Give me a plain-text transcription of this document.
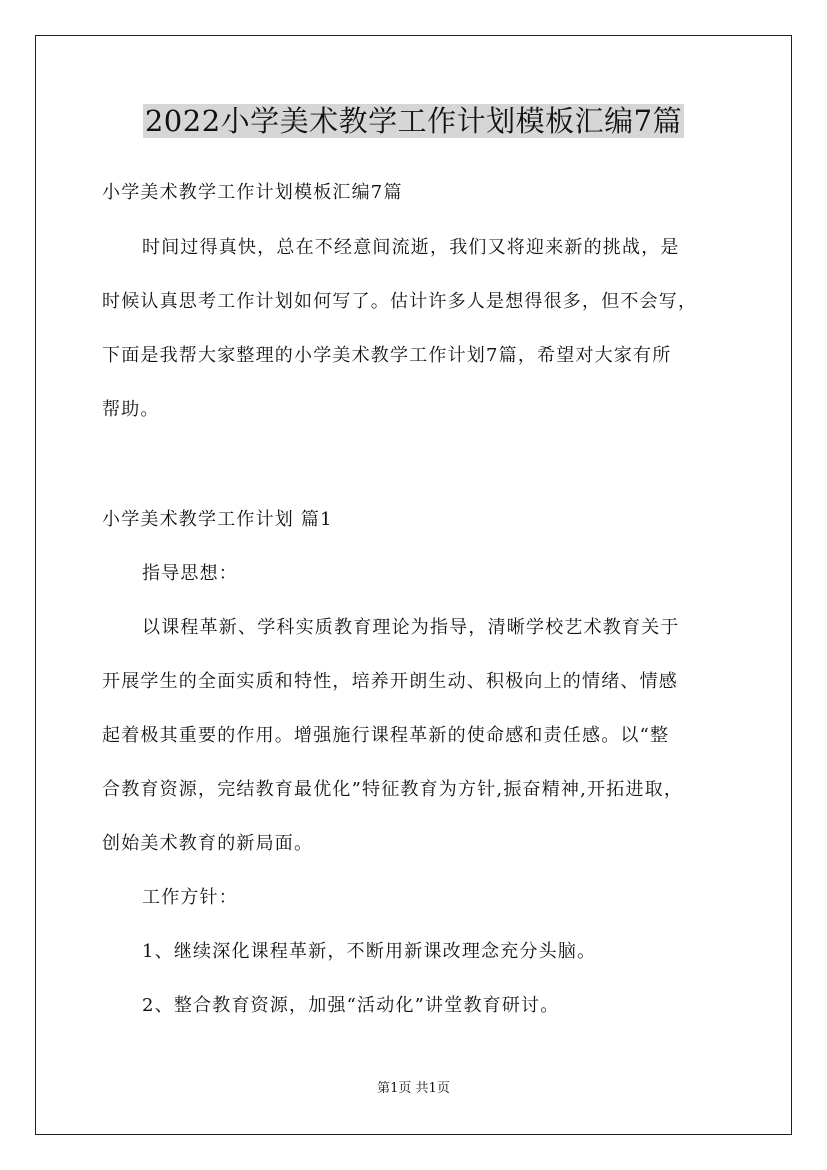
2022小学美术教学工作计划模板汇编7篇
小学美术教学工作计划模板汇编7篇
时间过得真快，总在不经意间流逝，我们又将迎来新的挑战，是
时候认真思考工作计划如何写了。估计许多人是想得很多，但不会写，
下面是我帮大家整理的小学美术教学工作计划7篇，希望对大家有所
帮助。
小学美术教学工作计划 篇1
指导思想：
以课程革新、学科实质教育理论为指导，清晰学校艺术教育关于
开展学生的全面实质和特性，培养开朗生动、积极向上的情绪、情感
起着极其重要的作用。增强施行课程革新的使命感和责任感。以“整
合教育资源，完结教育最优化”特征教育为方针,振奋精神,开拓进取，
创始美术教育的新局面。
工作方针：
1、继续深化课程革新，不断用新课改理念充分头脑。
2、整合教育资源，加强“活动化”讲堂教育研讨。
第1页 共1页
